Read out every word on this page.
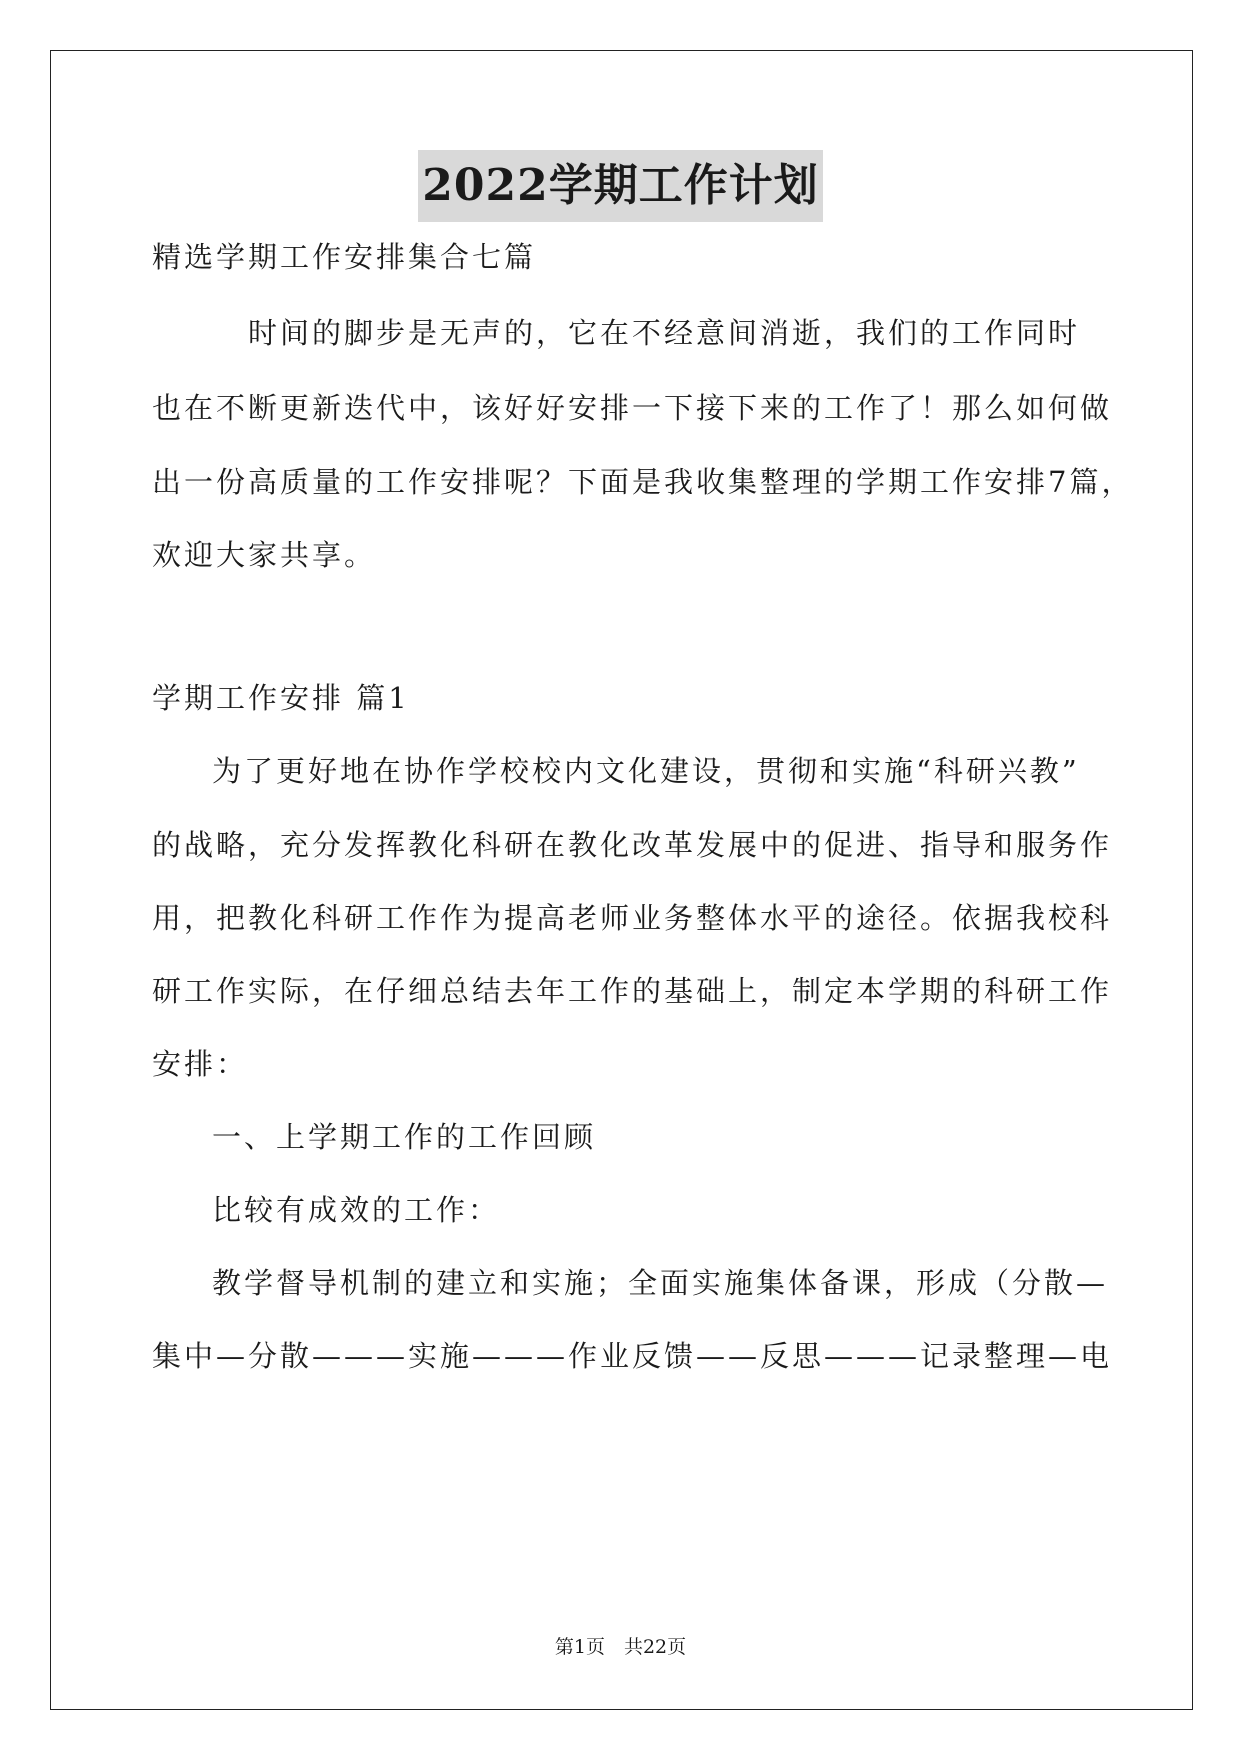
2022学期工作计划

精选学期工作安排集合七篇

时间的脚步是无声的，它在不经意间消逝，我们的工作同时

也在不断更新迭代中，该好好安排一下接下来的工作了！那么如何做

出一份高质量的工作安排呢？下面是我收集整理的学期工作安排7篇，

欢迎大家共享。

学期工作安排 篇1

为了更好地在协作学校校内文化建设，贯彻和实施“科研兴教”

的战略，充分发挥教化科研在教化改革发展中的促进、指导和服务作

用，把教化科研工作作为提高老师业务整体水平的途径。依据我校科

研工作实际，在仔细总结去年工作的基础上，制定本学期的科研工作

安排：

一、上学期工作的工作回顾

比较有成效的工作：

教学督导机制的建立和实施；全面实施集体备课，形成（分散—

集中—分散———实施———作业反馈——反思———记录整理—电

第1页　共22页
